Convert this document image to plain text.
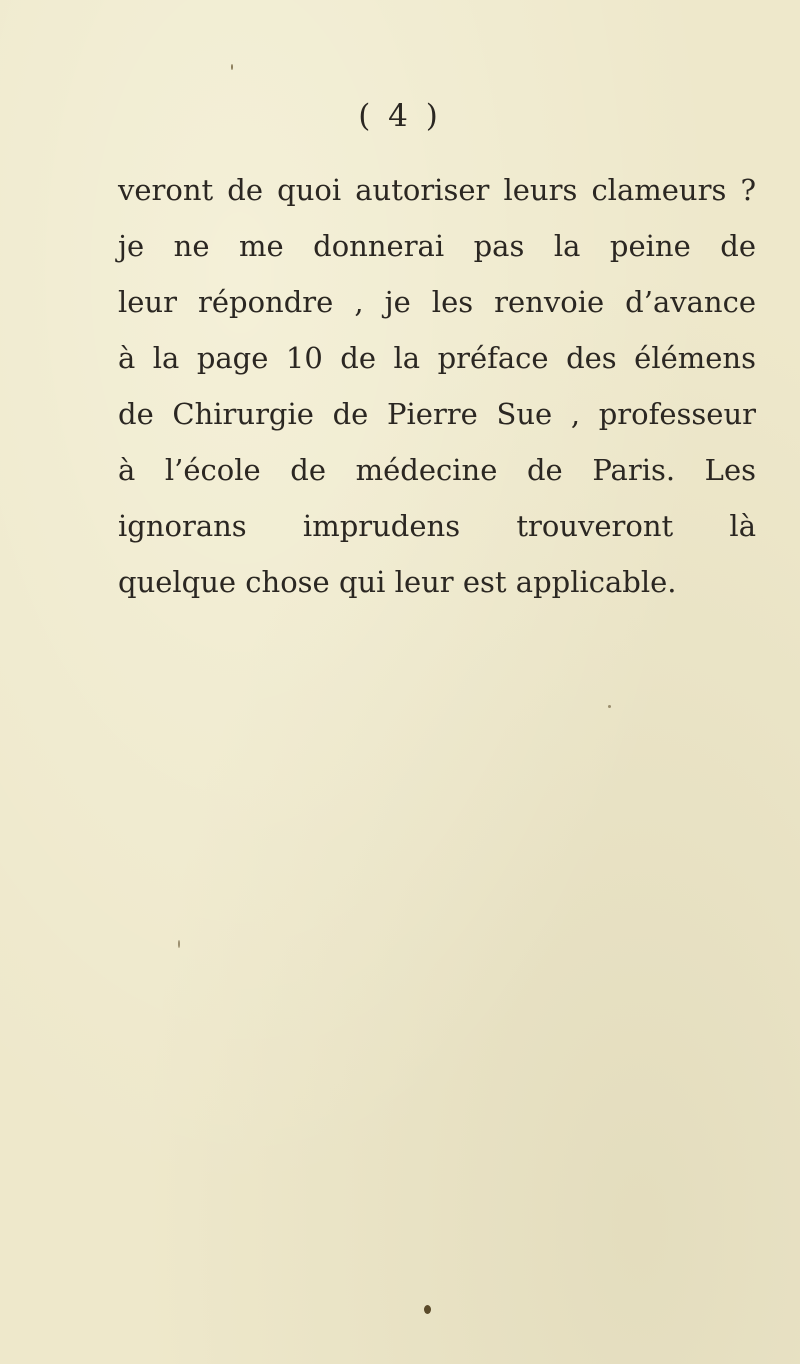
( 4 )
veront de quoi autoriser leurs clameurs ?
je ne me donnerai pas la peine de
leur répondre , je les renvoie d’avance
à la page 10 de la préface des élémens
de Chirurgie de Pierre Sue , professeur
à l’école de médecine de Paris. Les
ignorans imprudens trouveront là
quelque chose qui leur est applicable.
